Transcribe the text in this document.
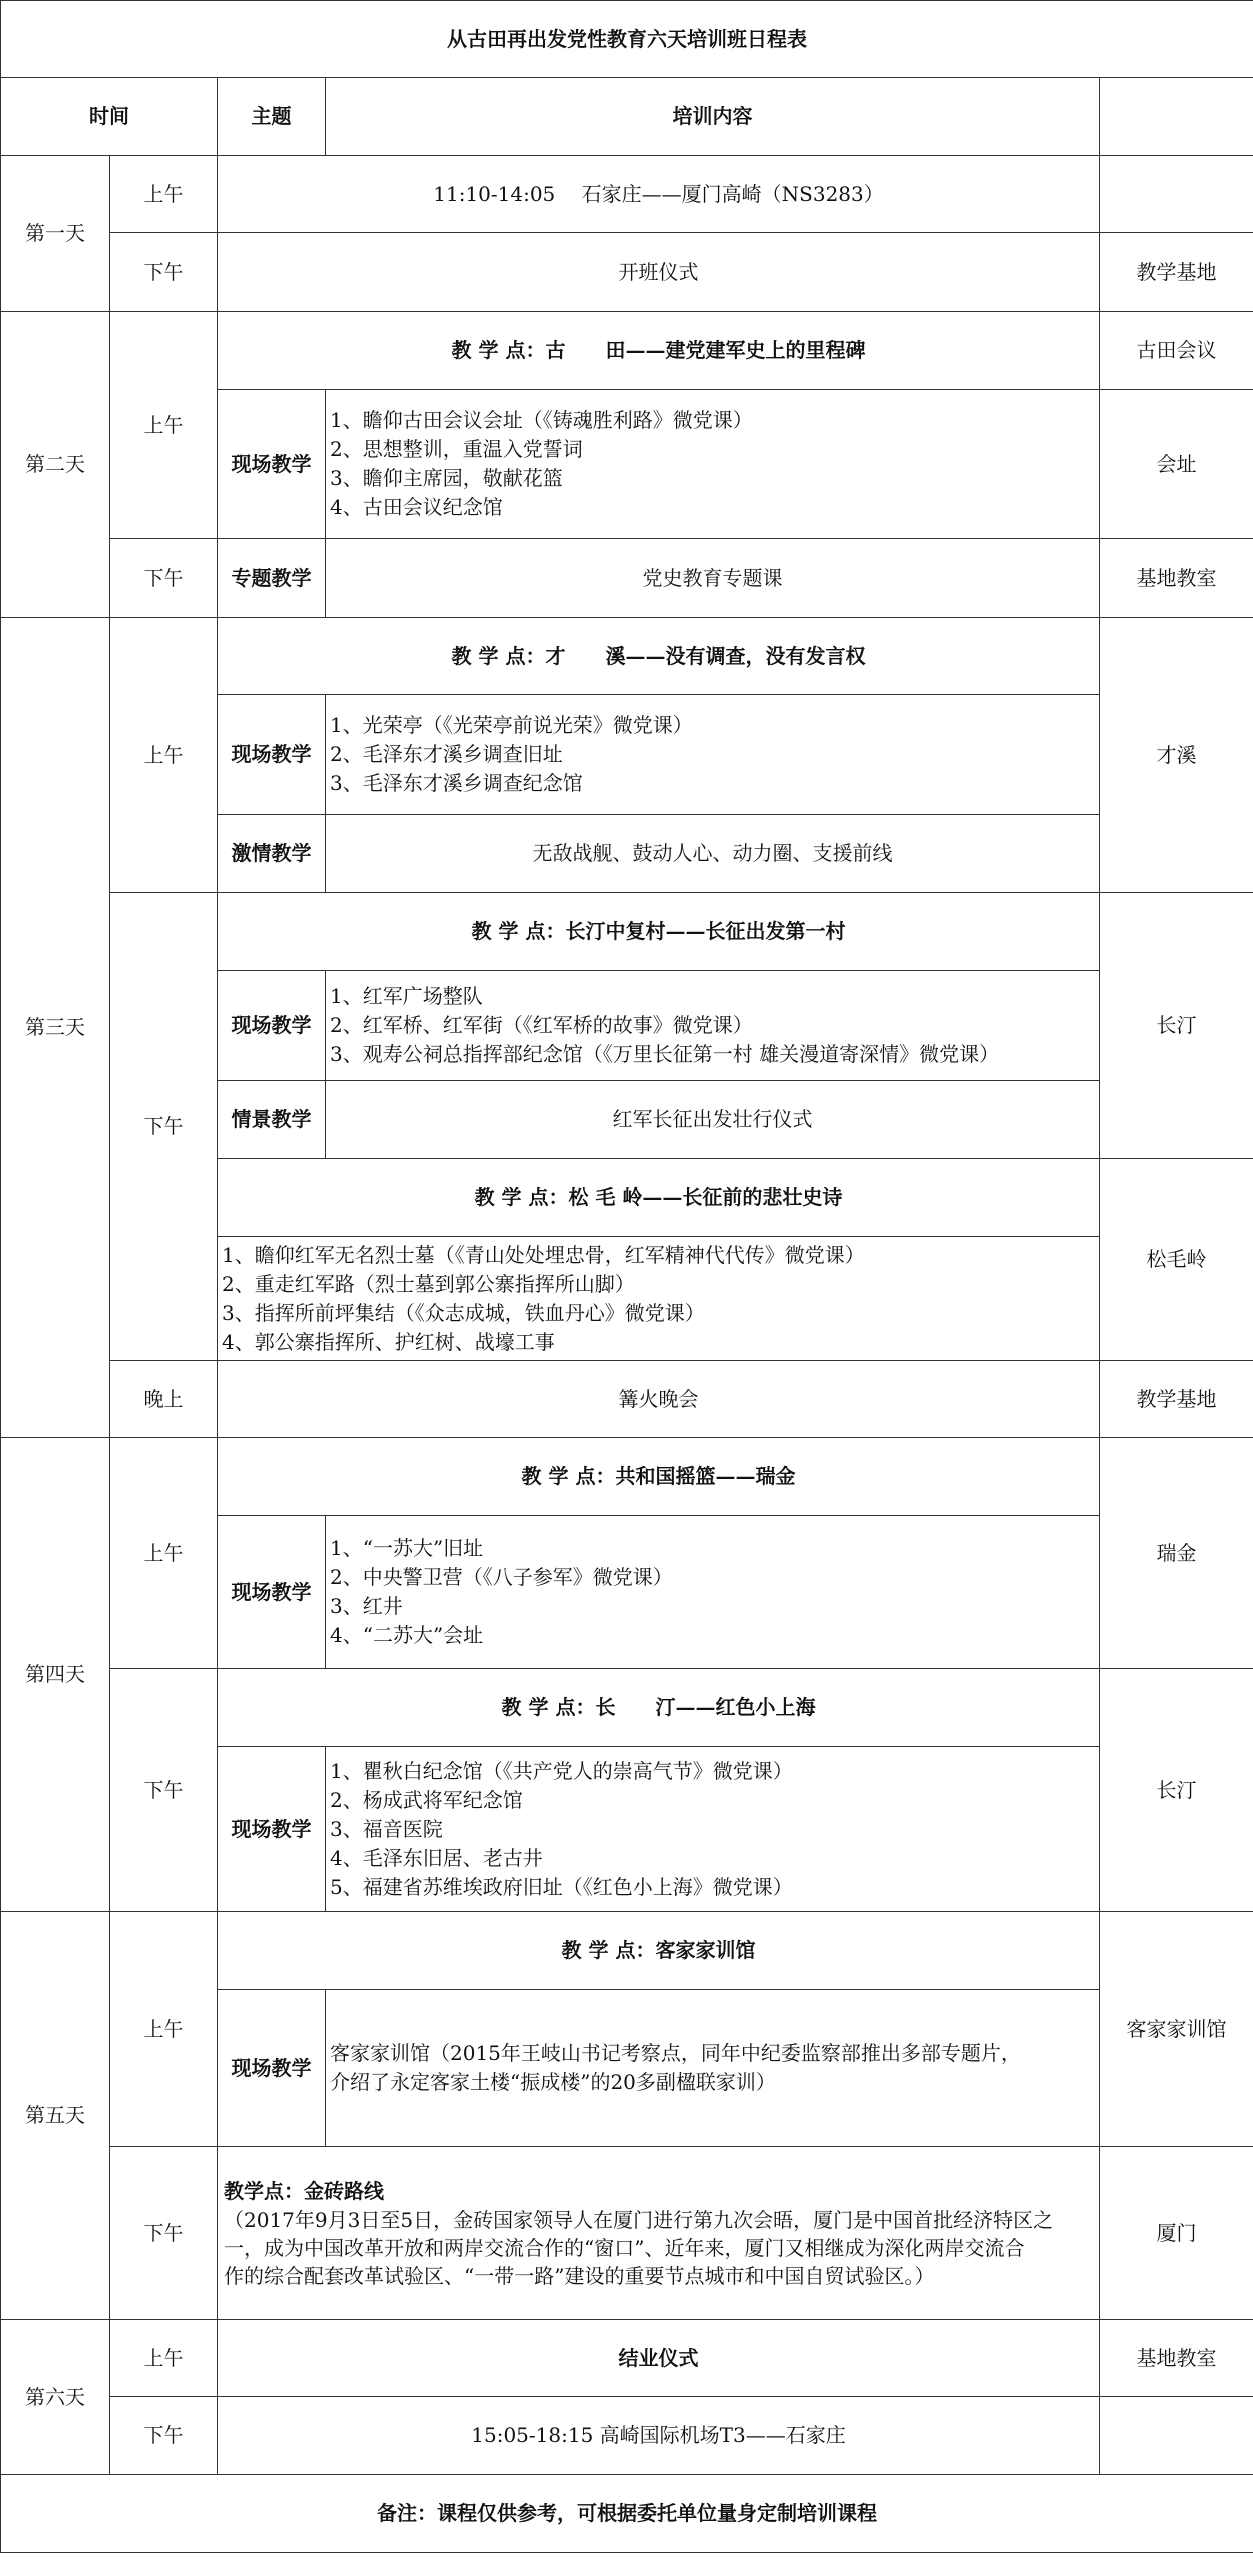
从古田再出发党性教育六天培训班日程表				
时间		主题	培训内容	
第一天	上午	11:10-14:05　 石家庄——厦门高崎（NS3283）		
	下午	开班仪式		教学基地
第二天	上午	教 学 点：古　　田——建党建军史上的里程碑		古田会议
		现场教学	1、瞻仰古田会议会址（《铸魂胜利路》微党课）
2、思想整训，重温入党誓词
3、瞻仰主席园，敬献花篮
4、古田会议纪念馆	会址
	下午	专题教学	党史教育专题课	基地教室
第三天	上午	教 学 点：才　　溪——没有调查，没有发言权		才溪
		现场教学	1、光荣亭（《光荣亭前说光荣》微党课）
2、毛泽东才溪乡调查旧址
3、毛泽东才溪乡调查纪念馆	

		激情教学	无敌战舰、鼓动人心、动力圈、支援前线	
	下午	教 学 点：长汀中复村——长征出发第一村		长汀
		现场教学	1、红军广场整队
2、红军桥、红军街（《红军桥的故事》微党课）
3、观寿公祠总指挥部纪念馆（《万里长征第一村 雄关漫道寄深情》微党课）	

		情景教学	红军长征出发壮行仪式	
		教 学 点：松 毛 岭——长征前的悲壮史诗		松毛岭

		1、瞻仰红军无名烈士墓（《青山处处埋忠骨，红军精神代代传》微党课）
2、重走红军路（烈士墓到郭公寨指挥所山脚）
3、指挥所前坪集结（《众志成城，铁血丹心》微党课）
4、郭公寨指挥所、护红树、战壕工事		

	晚上	篝火晚会		教学基地
第四天	上午	教 学 点：共和国摇篮——瑞金		瑞金
		现场教学	1、“一苏大”旧址
2、中央警卫营（《八子参军》微党课）
3、红井
4、“二苏大”会址	

	下午	教 学 点：长　　汀——红色小上海		长汀
		现场教学	1、瞿秋白纪念馆（《共产党人的崇高气节》微党课）
2、杨成武将军纪念馆
3、福音医院
4、毛泽东旧居、老古井
5、福建省苏维埃政府旧址（《红色小上海》微党课）	

第五天	上午	教 学 点：客家家训馆		客家家训馆
		现场教学	客家家训馆（2015年王岐山书记考察点，同年中纪委监察部推出多部专题片，
介绍了永定客家土楼“振成楼”的20多副楹联家训）	

	下午	教学点：金砖路线
（2017年9月3日至5日，金砖国家领导人在厦门进行第九次会晤，厦门是中国首批经济特区之
一，成为中国改革开放和两岸交流合作的“窗口”、近年来，厦门又相继成为深化两岸交流合
作的综合配套改革试验区、“一带一路”建设的重要节点城市和中国自贸试验区。）		厦门
第六天	上午	结业仪式		基地教室
	下午	15:05-18:15 高崎国际机场T3——石家庄		
备注：课程仅供参考，可根据委托单位量身定制培训课程				
